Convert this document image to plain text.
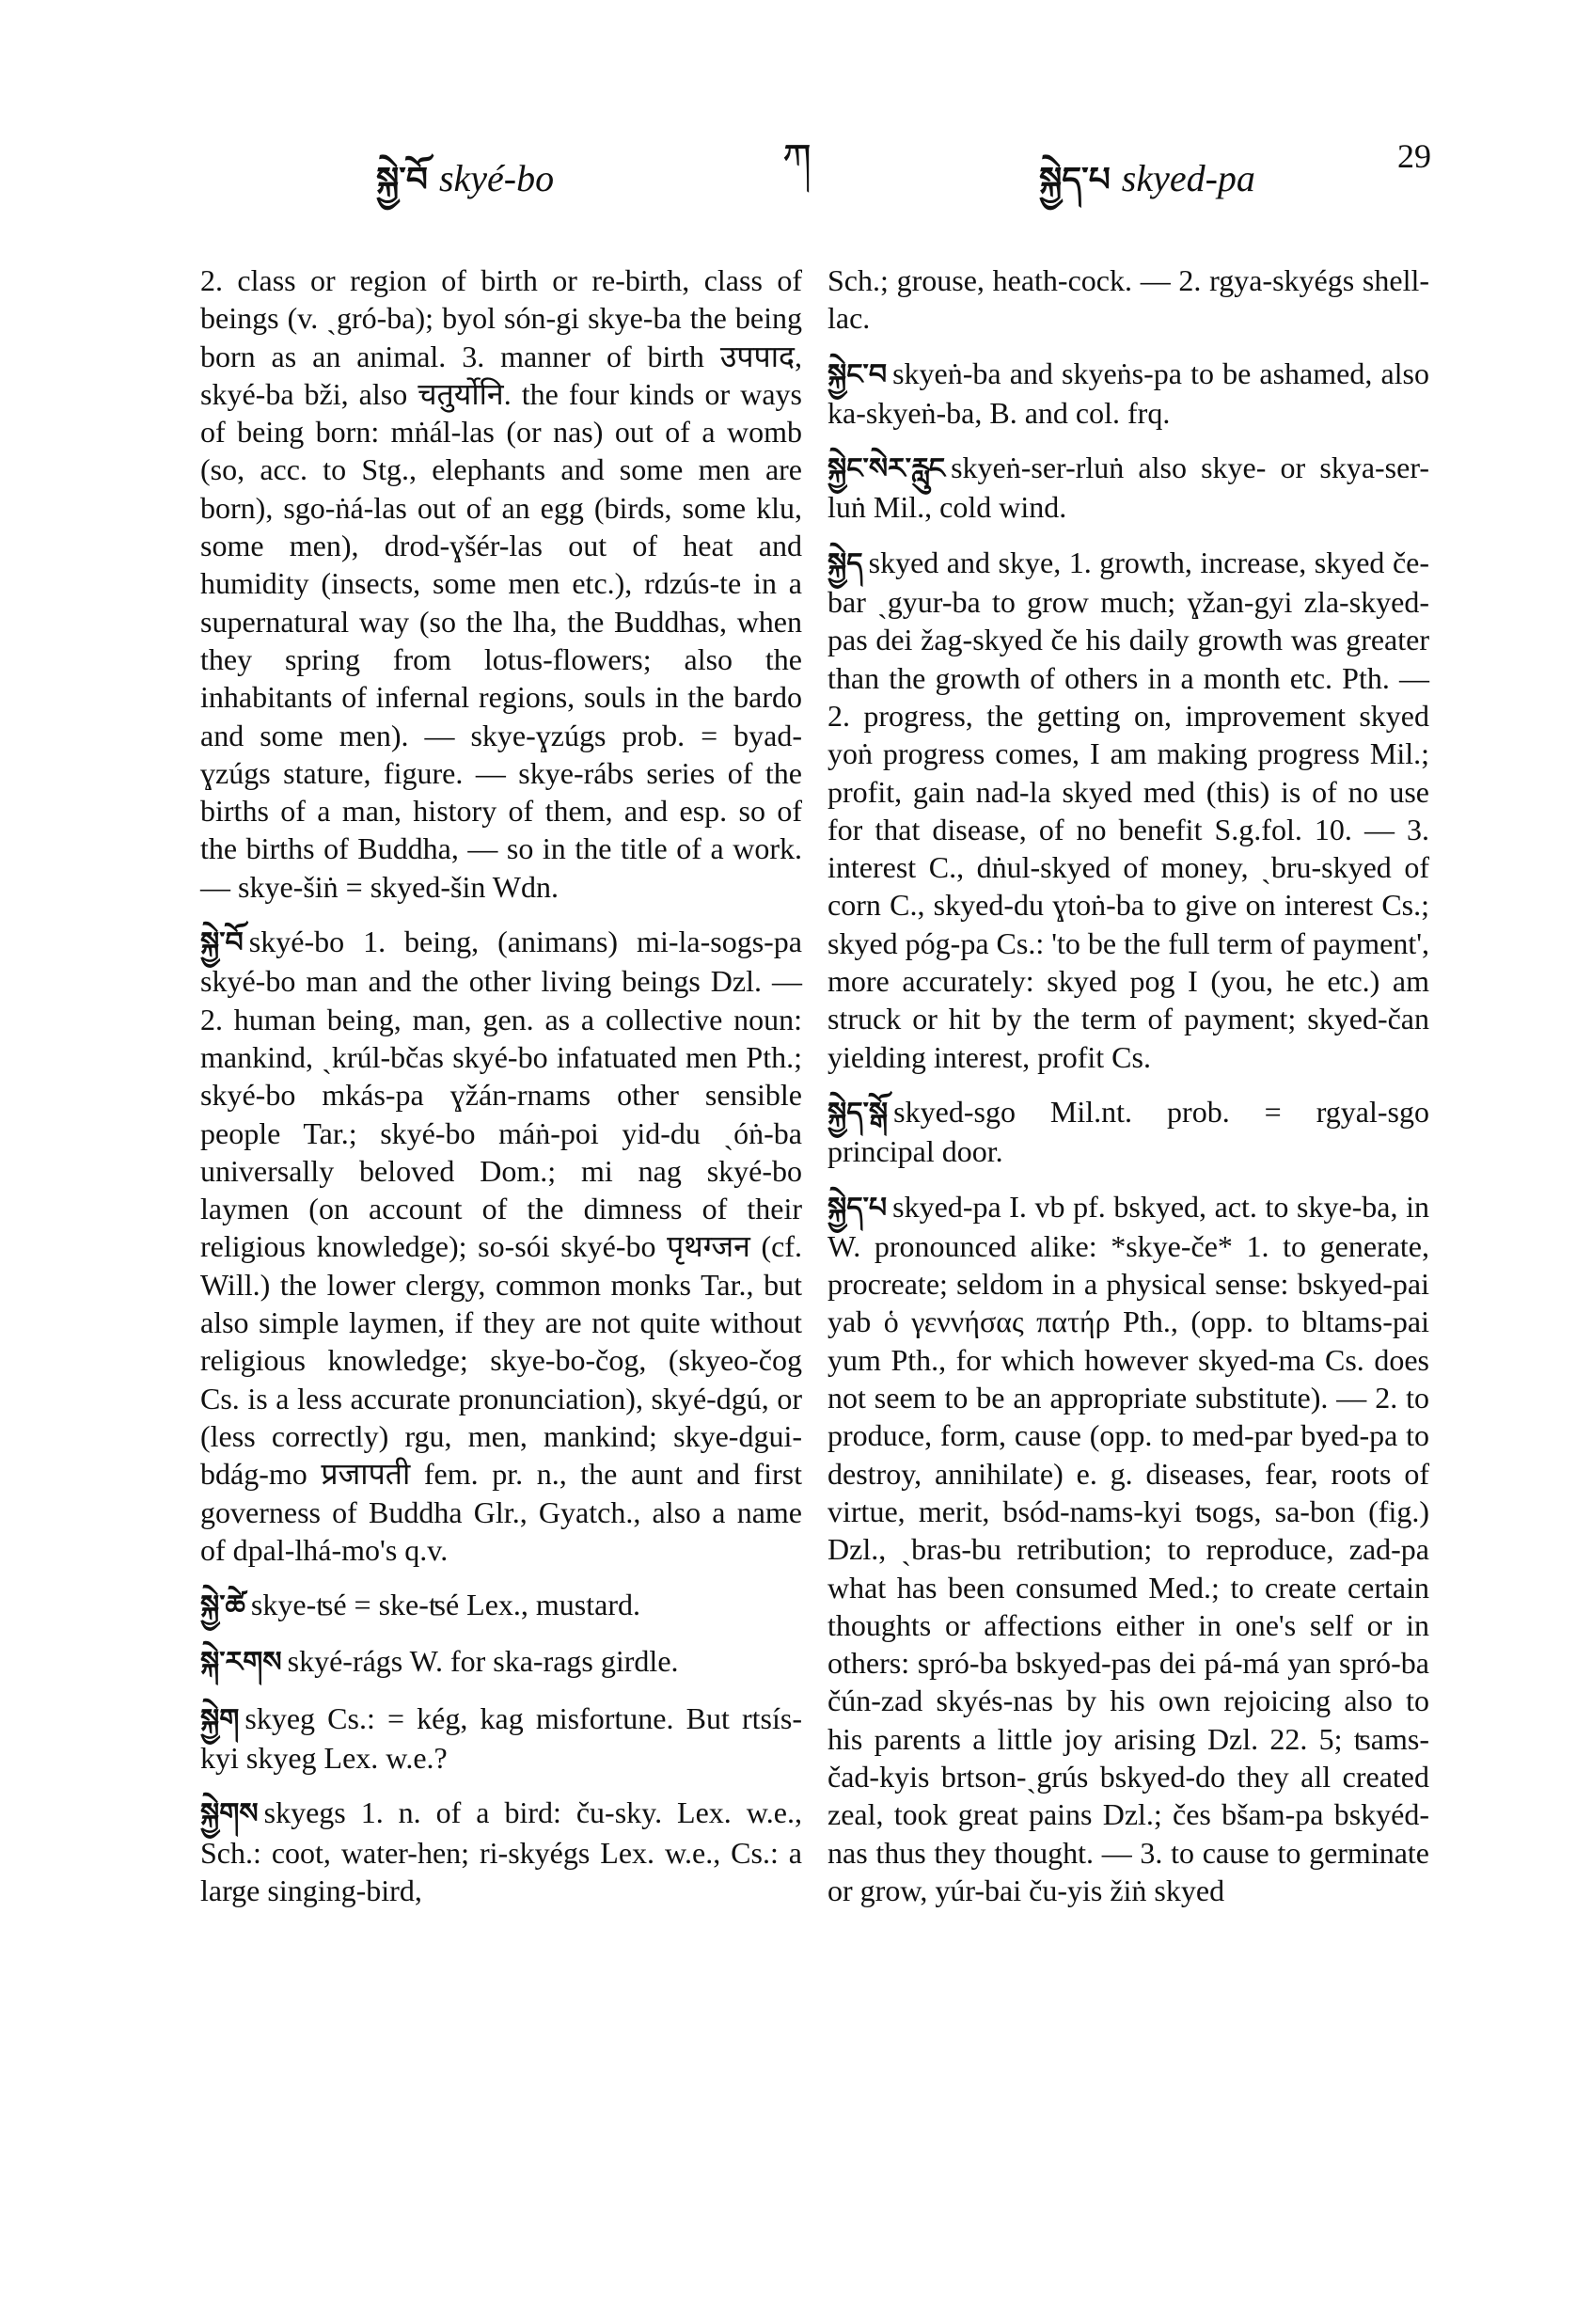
སྐྱེ་བོ skyé-bo	ཀ	སྐྱེད་པ skyed-pa
29

2. class or region of birth or re-birth, class of beings (v. ˏgró-ba); byol són-gi skye-ba the being born as an animal. 3. manner of birth उपपाद, skyé-ba bži, also चतुर्योनि. the four kinds or ways of being born: mṅál-las (or nas) out of a womb (so, acc. to Stg., elephants and some men are born), sgo-ṅá-las out of an egg (birds, some klu, some men), drod-ɣšér-las out of heat and humidity (insects, some men etc.), rdzús-te in a supernatural way (so the lha, the Buddhas, when they spring from lotus-flowers; also the inhabitants of infernal regions, souls in the bardo and some men). — skye-ɣzúgs prob. = byad-ɣzúgs stature, figure. — skye-rábs series of the births of a man, history of them, and esp. so of the births of Buddha, — so in the title of a work. — skye-šiṅ = skyed-šin Wdn.

སྐྱེ་བོ skyé-bo 1. being, (animans) mi-la-sogs-pa skyé-bo man and the other living beings Dzl. — 2. human being, man, gen. as a collective noun: mankind, ˏkrúl-bčas skyé-bo infatuated men Pth.; skyé-bo mkás-pa ɣžán-rnams other sensible people Tar.; skyé-bo máṅ-poi yid-du ˏóṅ-ba universally beloved Dom.; mi nag skyé-bo laymen (on account of the dimness of their religious knowledge); so-sói skyé-bo पृथग्जन (cf. Will.) the lower clergy, common monks Tar., but also simple laymen, if they are not quite without religious knowledge; skye-bo-čog, (skyeo-čog Cs. is a less accurate pronunciation), skyé-dgú, or (less correctly) rgu, men, mankind; skye-dgui-bdág-mo प्रजापती fem. pr. n., the aunt and first governess of Buddha Glr., Gyatch., also a name of dpal-lhá-mo's q.v.

སྐྱེ་ཚེ skye-ʦé = ske-ʦé Lex., mustard.

སྐེ་རགས skyé-rágs W. for ska-rags girdle.

སྐྱེག skyeg Cs.: = kég, kag misfortune. But rtsís-kyi skyeg Lex. w.e.?

སྐྱེགས skyegs 1. n. of a bird: ču-sky. Lex. w.e., Sch.: coot, water-hen; ri-skyégs Lex. w.e., Cs.: a large singing-bird,

Sch.; grouse, heath-cock. — 2. rgya-skyégs shell-lac.

སྐྱེང་བ skyeṅ-ba and skyeṅs-pa to be ashamed, also ka-skyeṅ-ba, B. and col. frq.

སྐྱེང་སེར་རླུང skyeṅ-ser-rluṅ also skye- or skya-ser-luṅ Mil., cold wind.

སྐྱེད skyed and skye, 1. growth, increase, skyed če-bar ˏgyur-ba to grow much; ɣžan-gyi zla-skyed-pas dei žag-skyed če his daily growth was greater than the growth of others in a month etc. Pth. — 2. progress, the getting on, improvement skyed yoṅ progress comes, I am making progress Mil.; profit, gain nad-la skyed med (this) is of no use for that disease, of no benefit S.g.fol. 10. — 3. interest C., dṅul-skyed of money, ˏbru-skyed of corn C., skyed-du ɣtoṅ-ba to give on interest Cs.; skyed póg-pa Cs.: 'to be the full term of payment', more accurately: skyed pog I (you, he etc.) am struck or hit by the term of payment; skyed-čan yielding interest, profit Cs.

སྐྱེད་སྒོ skyed-sgo Mil.nt. prob. = rgyal-sgo principal door.

སྐྱེད་པ skyed-pa I. vb pf. bskyed, act. to skye-ba, in W. pronounced alike: *skye-če* 1. to generate, procreate; seldom in a physical sense: bskyed-pai yab ὁ γεννήσας πατήρ Pth., (opp. to bltams-pai yum Pth., for which however skyed-ma Cs. does not seem to be an appropriate substitute). — 2. to produce, form, cause (opp. to med-par byed-pa to destroy, annihilate) e. g. diseases, fear, roots of virtue, merit, bsód-nams-kyi ʦogs, sa-bon (fig.) Dzl., ˏbras-bu retribution; to reproduce, zad-pa what has been consumed Med.; to create certain thoughts or affections either in one's self or in others: spró-ba bskyed-pas dei pá-má yan spró-ba čún-zad skyés-nas by his own rejoicing also to his parents a little joy arising Dzl. 22. 5; ʦams-čad-kyis brtson-ˏgrús bskyed-do they all created zeal, took great pains Dzl.; čes bšam-pa bskyéd-nas thus they thought. — 3. to cause to germinate or grow, yúr-bai ču-yis žiṅ skyed
